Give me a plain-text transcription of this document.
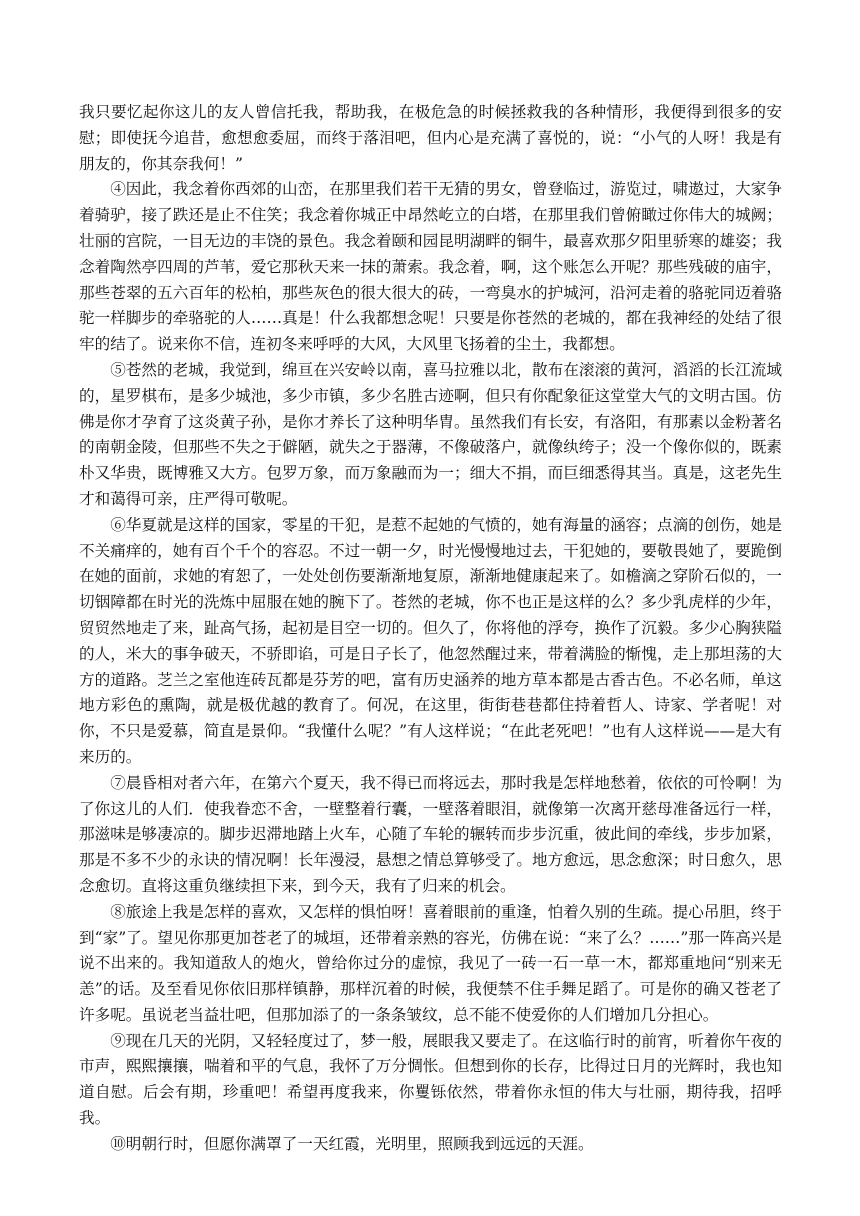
我只要忆起你这儿的友人曾信托我，帮助我，在极危急的时候拯救我的各种情形，我便得到很多的安慰；即使抚今追昔，愈想愈委屈，而终于落泪吧，但内心是充满了喜悦的，说：“小气的人呀！我是有朋友的，你其奈我何！”

④因此，我念着你西郊的山峦，在那里我们若干无猜的男女，曾登临过，游览过，啸遨过，大家争着骑驴，接了跌还是止不住笑；我念着你城正中昂然屹立的白塔，在那里我们曾俯瞰过你伟大的城阙；壮丽的宫院，一目无边的丰饶的景色。我念着颐和园昆明湖畔的铜牛，最喜欢那夕阳里骄寒的雄姿；我念着陶然亭四周的芦苇，爱它那秋天来一抹的萧索。我念着，啊，这个账怎么开呢？那些残破的庙宇，那些苍翠的五六百年的松柏，那些灰色的很大很大的砖，一弯臭水的护城河，沿河走着的骆驼同迈着骆驼一样脚步的牵骆驼的人……真是！什么我都想念呢！只要是你苍然的老城的，都在我神经的处结了很牢的结了。说来你不信，连初冬来呼呼的大风，大风里飞扬着的尘土，我都想。

⑤苍然的老城，我觉到，绵亘在兴安岭以南，喜马拉雅以北，散布在滚滚的黄河，滔滔的长江流域的，星罗棋布，是多少城池，多少市镇，多少名胜古迹啊，但只有你配象征这堂堂大气的文明古国。仿佛是你才孕育了这炎黄子孙，是你才养长了这种明华胄。虽然我们有长安，有洛阳，有那素以金粉著名的南朝金陵，但那些不失之于僻陋，就失之于器薄，不像破落户，就像纨绔子；没一个像你似的，既素朴又华贵，既博雅又大方。包罗万象，而万象融而为一；细大不捐，而巨细悉得其当。真是，这老先生才和蔼得可亲，庄严得可敬呢。

⑥华夏就是这样的国家，零星的干犯，是惹不起她的气愤的，她有海量的涵容；点滴的创伤，她是不关痛痒的，她有百个千个的容忍。不过一朝一夕，时光慢慢地过去，干犯她的，要敬畏她了，要跪倒在她的面前，求她的宥恕了，一处处创伤要渐渐地复原，渐渐地健康起来了。如檐滴之穿阶石似的，一切铟障都在时光的洗炼中屈服在她的腕下了。苍然的老城，你不也正是这样的么？多少乳虎样的少年，贸贸然地走了来，趾高气扬，起初是目空一切的。但久了，你将他的浮夸，换作了沉毅。多少心胸狭隘的人，米大的事争破天，不骄即谄，可是日子长了，他忽然醒过来，带着满脸的惭愧，走上那坦荡的大方的道路。芝兰之室他连砖瓦都是芬芳的吧，富有历史涵养的地方草本都是古香古色。不必名师，单这地方彩色的熏陶，就是极优越的教育了。何况，在这里，街街巷巷都住持着哲人、诗家、学者呢！对你，不只是爱慕，简直是景仰。“我懂什么呢？”有人这样说；“在此老死吧！”也有人这样说——是大有来历的。

⑦晨昏相对者六年，在第六个夏天，我不得已而将远去，那时我是怎样地愁着，依依的可怜啊！为了你这儿的人们．使我眷恋不舍，一壁整着行囊，一壁落着眼泪，就像第一次离开慈母准备远行一样，那滋味是够凄凉的。脚步迟滞地踏上火车，心随了车轮的辗转而步步沉重，彼此间的牵线，步步加紧，那是不多不少的永诀的情况啊！长年漫浸，悬想之情总算够受了。地方愈远，思念愈深；时日愈久，思念愈切。直将这重负继续担下来，到今天，我有了归来的机会。

⑧旅途上我是怎样的喜欢，又怎样的惧怕呀！喜着眼前的重逢，怕着久别的生疏。提心吊胆，终于到“家”了。望见你那更加苍老了的城垣，还带着亲熟的容光，仿佛在说：“来了么？……”那一阵高兴是说不出来的。我知道敌人的炮火，曾给你过分的虚惊，我见了一砖一石一草一木，都郑重地问“别来无恙”的话。及至看见你依旧那样镇静，那样沉着的时候，我便禁不住手舞足蹈了。可是你的确又苍老了许多呢。虽说老当益壮吧，但那加添了的一条条皱纹，总不能不使爱你的人们增加几分担心。

⑨现在几天的光阴，又轻轻度过了，梦一般，展眼我又要走了。在这临行时的前宵，听着你午夜的市声，熙熙攘攘，喘着和平的气息，我怀了万分惆怅。但想到你的长存，比得过日月的光辉时，我也知道自慰。后会有期，珍重吧！希望再度我来，你矍铄依然，带着你永恒的伟大与壮丽，期待我，招呼我。

⑩明朝行时，但愿你满罩了一天红霞，光明里，照顾我到远远的天涯。
